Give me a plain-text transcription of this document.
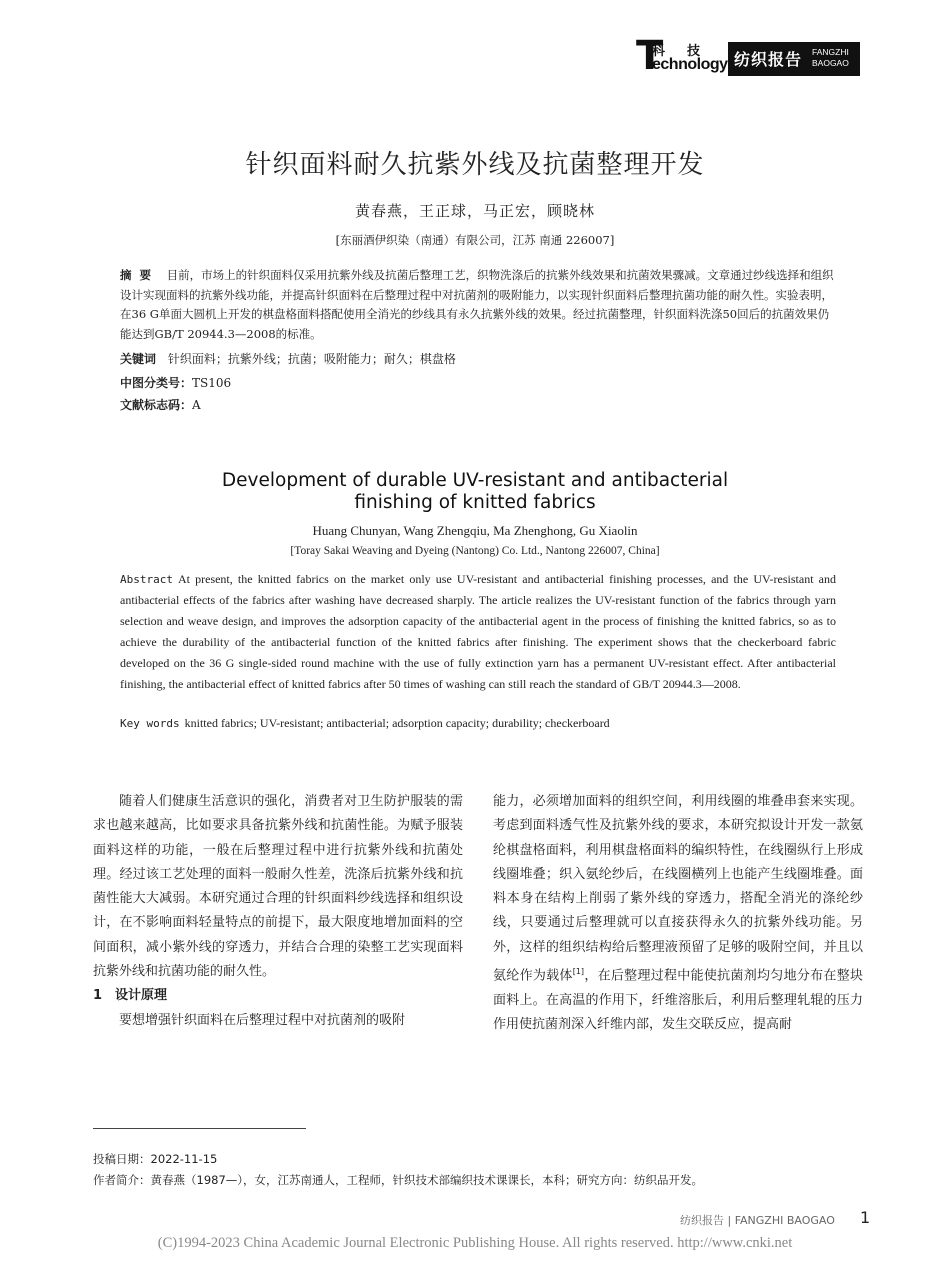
T
科技
echnology 纺织报告 FANGZHI
BAOGAO
针织面料耐久抗紫外线及抗菌整理开发
黄春燕，王正球，马正宏，顾晓林
[东丽酒伊织染（南通）有限公司，江苏 南通 226007]
摘要 目前，市场上的针织面料仅采用抗紫外线及抗菌后整理工艺，织物洗涤后的抗紫外线效果和抗菌效果骤减。文章通过纱线选择和组织设计实现面料的抗紫外线功能，并提高针织面料在后整理过程中对抗菌剂的吸附能力，以实现针织面料后整理抗菌功能的耐久性。实验表明，在36 G单面大圆机上开发的棋盘格面料搭配使用全消光的纱线具有永久抗紫外线的效果。经过抗菌整理，针织面料洗涤50回后的抗菌效果仍能达到GB/T 20944.3—2008的标准。
关键词 针织面料；抗紫外线；抗菌；吸附能力；耐久；棋盘格
中图分类号：TS106
文献标志码：A
Development of durable UV-resistant and antibacterial
finishing of knitted fabrics
Huang Chunyan, Wang Zhengqiu, Ma Zhenghong, Gu Xiaolin
[Toray Sakai Weaving and Dyeing (Nantong) Co. Ltd., Nantong 226007, China]
Abstract At present, the knitted fabrics on the market only use UV-resistant and antibacterial finishing processes, and the UV-resistant and antibacterial effects of the fabrics after washing have decreased sharply. The article realizes the UV-resistant function of the fabrics through yarn selection and weave design, and improves the adsorption capacity of the antibacterial agent in the process of finishing the knitted fabrics, so as to achieve the durability of the antibacterial function of the knitted fabrics after finishing. The experiment shows that the checkerboard fabric developed on the 36 G single-sided round machine with the use of fully extinction yarn has a permanent UV-resistant effect. After antibacterial finishing, the antibacterial effect of knitted fabrics after 50 times of washing can still reach the standard of GB/T 20944.3—2008.
Key words knitted fabrics; UV-resistant; antibacterial; adsorption capacity; durability; checkerboard

随着人们健康生活意识的强化，消费者对卫生防护服装的需求也越来越高，比如要求具备抗紫外线和抗菌性能。为赋予服装面料这样的功能，一般在后整理过程中进行抗紫外线和抗菌处理。经过该工艺处理的面料一般耐久性差，洗涤后抗紫外线和抗菌性能大大减弱。本研究通过合理的针织面料纱线选择和组织设计，在不影响面料轻量特点的前提下，最大限度地增加面料的空间面积，减小紫外线的穿透力，并结合合理的染整工艺实现面料抗紫外线和抗菌功能的耐久性。

1　设计原理

要想增强针织面料在后整理过程中对抗菌剂的吸附

能力，必须增加面料的组织空间，利用线圈的堆叠串套来实现。考虑到面料透气性及抗紫外线的要求，本研究拟设计开发一款氨纶棋盘格面料，利用棋盘格面料的编织特性，在线圈纵行上形成线圈堆叠；织入氨纶纱后，在线圈横列上也能产生线圈堆叠。面料本身在结构上削弱了紫外线的穿透力，搭配全消光的涤纶纱线，只要通过后整理就可以直接获得永久的抗紫外线功能。另外，这样的组织结构给后整理液预留了足够的吸附空间，并且以氨纶作为载体[1]，在后整理过程中能使抗菌剂均匀地分布在整块面料上。在高温的作用下，纤维溶胀后，利用后整理轧辊的压力作用使抗菌剂深入纤维内部，发生交联反应，提高耐

投稿日期：2022-11-15
作者简介：黄春燕（1987—），女，江苏南通人，工程师，针织技术部编织技术课课长，本科；研究方向：纺织品开发。
纺织报告 | FANGZHI BAOGAO 1
(C)1994-2023 China Academic Journal Electronic Publishing House. All rights reserved. http://www.cnki.net
